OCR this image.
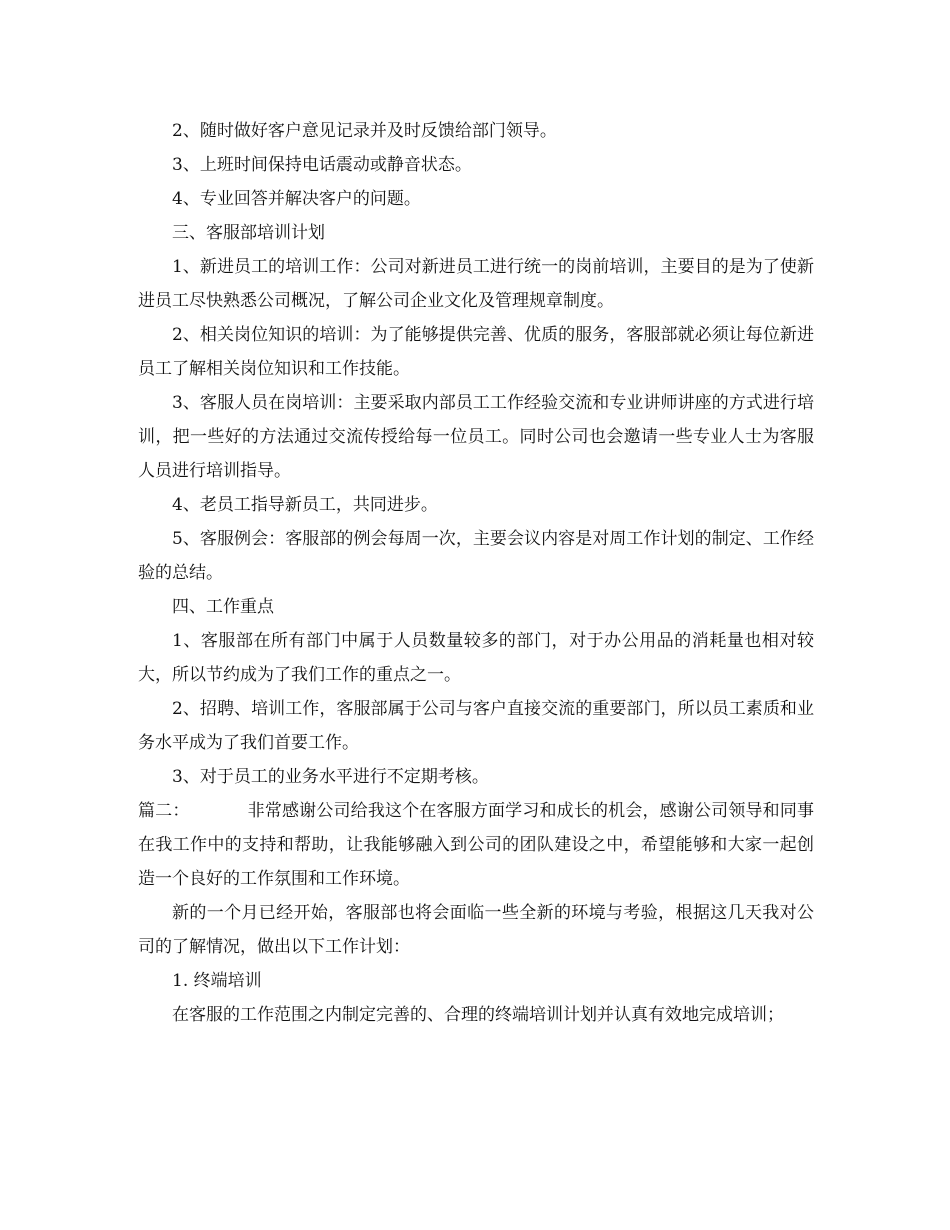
2、随时做好客户意见记录并及时反馈给部门领导。

3、上班时间保持电话震动或静音状态。

4、专业回答并解决客户的问题。

三、客服部培训计划

1、新进员工的培训工作：公司对新进员工进行统一的岗前培训，主要目的是为了使新进员工尽快熟悉公司概况，了解公司企业文化及管理规章制度。

2、相关岗位知识的培训：为了能够提供完善、优质的服务，客服部就必须让每位新进员工了解相关岗位知识和工作技能。

3、客服人员在岗培训：主要采取内部员工工作经验交流和专业讲师讲座的方式进行培训，把一些好的方法通过交流传授给每一位员工。同时公司也会邀请一些专业人士为客服人员进行培训指导。

4、老员工指导新员工，共同进步。

5、客服例会：客服部的例会每周一次，主要会议内容是对周工作计划的制定、工作经验的总结。

四、工作重点

1、客服部在所有部门中属于人员数量较多的部门，对于办公用品的消耗量也相对较大，所以节约成为了我们工作的重点之一。

2、招聘、培训工作，客服部属于公司与客户直接交流的重要部门，所以员工素质和业务水平成为了我们首要工作。

3、对于员工的业务水平进行不定期考核。

篇二：	非常感谢公司给我这个在客服方面学习和成长的机会，感谢公司领导和同事在我工作中的支持和帮助，让我能够融入到公司的团队建设之中，希望能够和大家一起创造一个良好的工作氛围和工作环境。

新的一个月已经开始，客服部也将会面临一些全新的环境与考验，根据这几天我对公司的了解情况，做出以下工作计划：

1. 终端培训

在客服的工作范围之内制定完善的、合理的终端培训计划并认真有效地完成培训；
